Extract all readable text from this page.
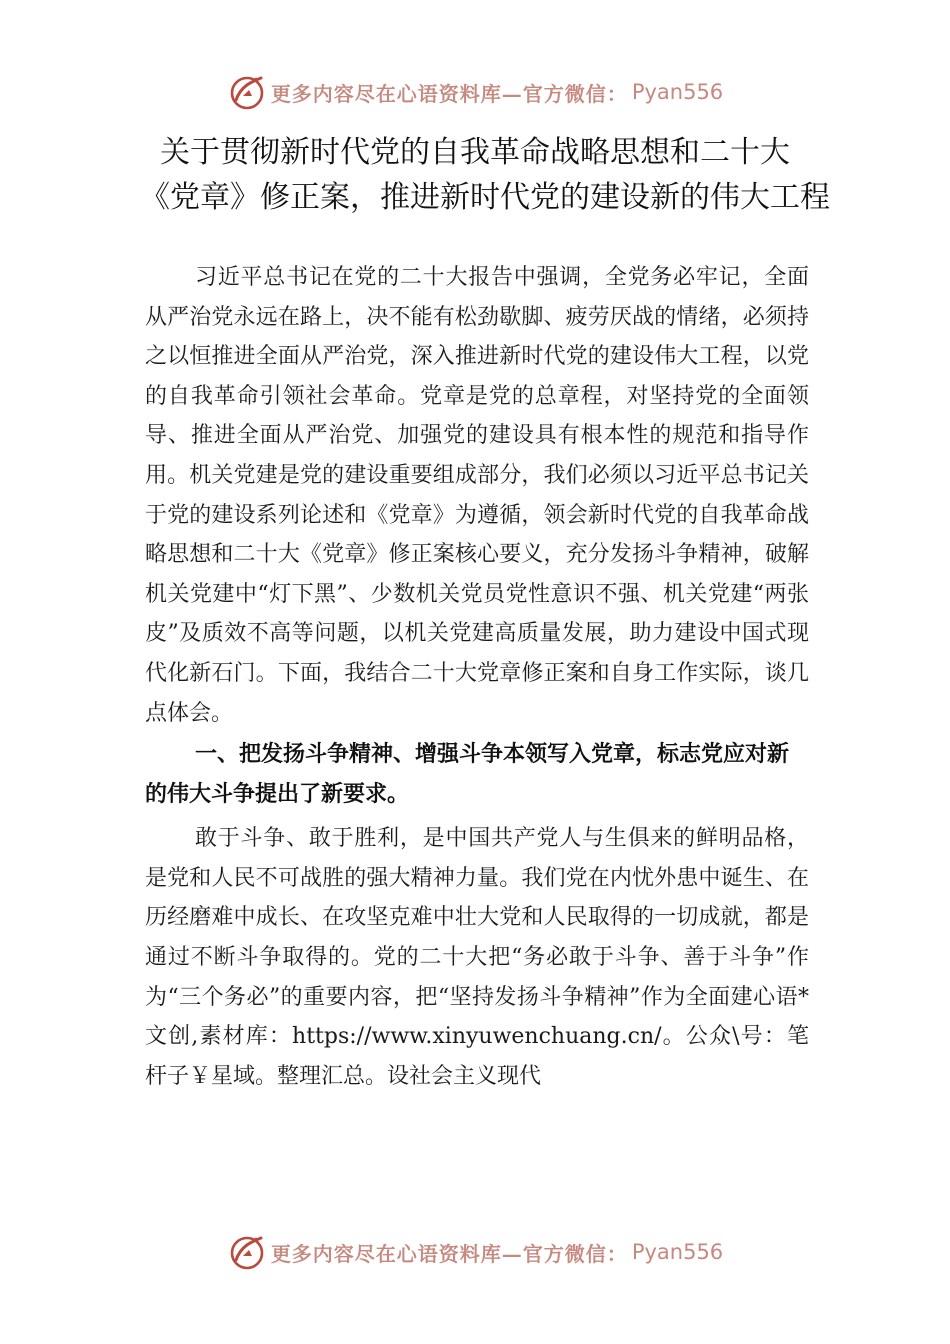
更多内容尽在心语资料库—官方微信： Pyan556
关于贯彻新时代党的自我革命战略思想和二十大
《党章》修正案，推进新时代党的建设新的伟大工程

习近平总书记在党的二十大报告中强调，全党务必牢记，全面从严治党永远在路上，决不能有松劲歇脚、疲劳厌战的情绪，必须持之以恒推进全面从严治党，深入推进新时代党的建设伟大工程，以党的自我革命引领社会革命。党章是党的总章程，对坚持党的全面领导、推进全面从严治党、加强党的建设具有根本性的规范和指导作用。机关党建是党的建设重要组成部分，我们必须以习近平总书记关于党的建设系列论述和《党章》为遵循，领会新时代党的自我革命战略思想和二十大《党章》修正案核心要义，充分发扬斗争精神，破解机关党建中“灯下黑”、少数机关党员党性意识不强、机关党建“两张皮”及质效不高等问题，以机关党建高质量发展，助力建设中国式现代化新石门。下面，我结合二十大党章修正案和自身工作实际，谈几点体会。

一、把发扬斗争精神、增强斗争本领写入党章，标志党应对新的伟大斗争提出了新要求。

敢于斗争、敢于胜利，是中国共产党人与生俱来的鲜明品格，是党和人民不可战胜的强大精神力量。我们党在内忧外患中诞生、在历经磨难中成长、在攻坚克难中壮大党和人民取得的一切成就，都是通过不断斗争取得的。党的二十大把“务必敢于斗争、善于斗争”作为“三个务必”的重要内容，把“坚持发扬斗争精神”作为全面建心语*文创,素材库：https://www.xinyuwenchuang.cn/。公众\号：笔杆子￥星域。整理汇总。设社会主义现代

更多内容尽在心语资料库—官方微信： Pyan556
